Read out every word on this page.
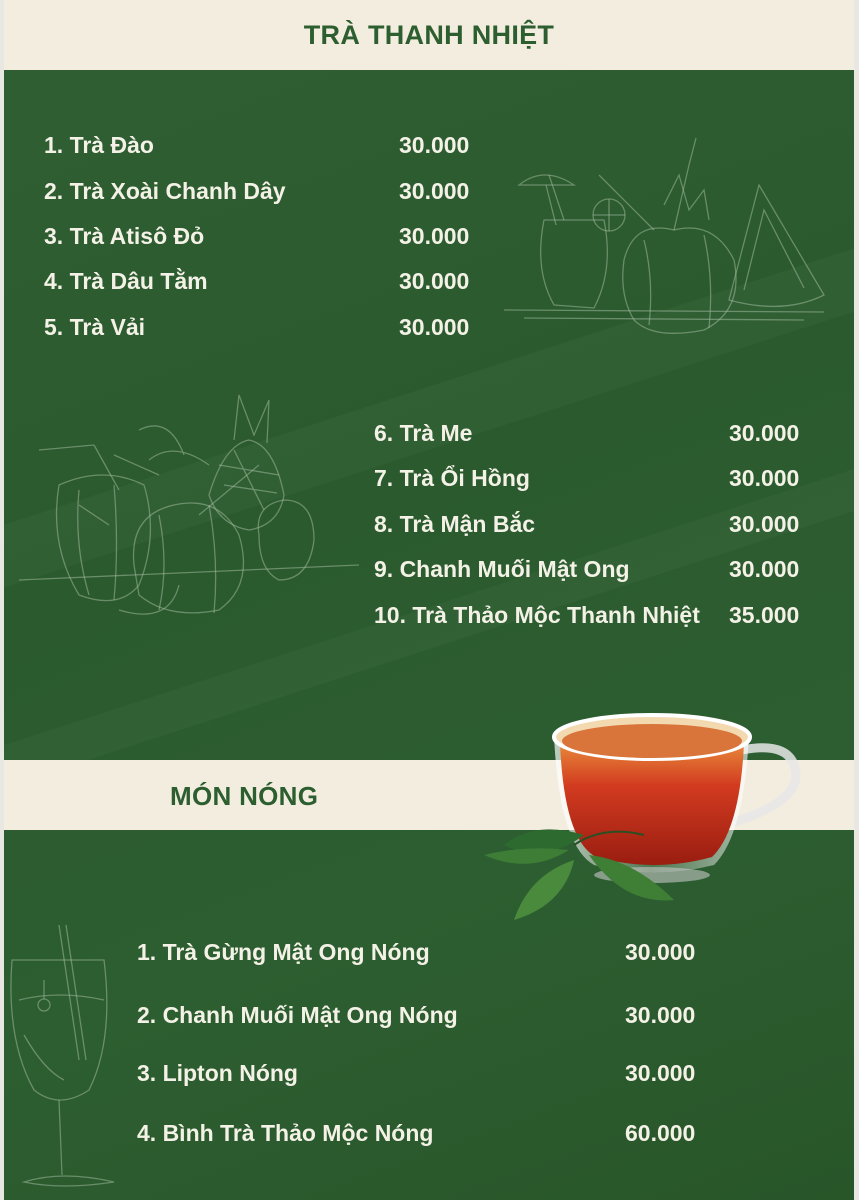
TRÀ THANH NHIỆT
1. Trà Đào	30.000
2. Trà Xoài Chanh Dây	30.000
3. Trà Atisô Đỏ	30.000
4. Trà Dâu Tằm	30.000
5. Trà Vải	30.000
6. Trà Me	30.000
7. Trà Ổi Hồng	30.000
8. Trà Mận Bắc	30.000
9. Chanh Muối Mật Ong	30.000
10. Trà Thảo Mộc Thanh Nhiệt 35.000
MÓN NÓNG
1. Trà Gừng Mật Ong Nóng	30.000
2. Chanh Muối Mật Ong Nóng	30.000
3. Lipton Nóng	30.000
4. Bình Trà Thảo Mộc Nóng	60.000
